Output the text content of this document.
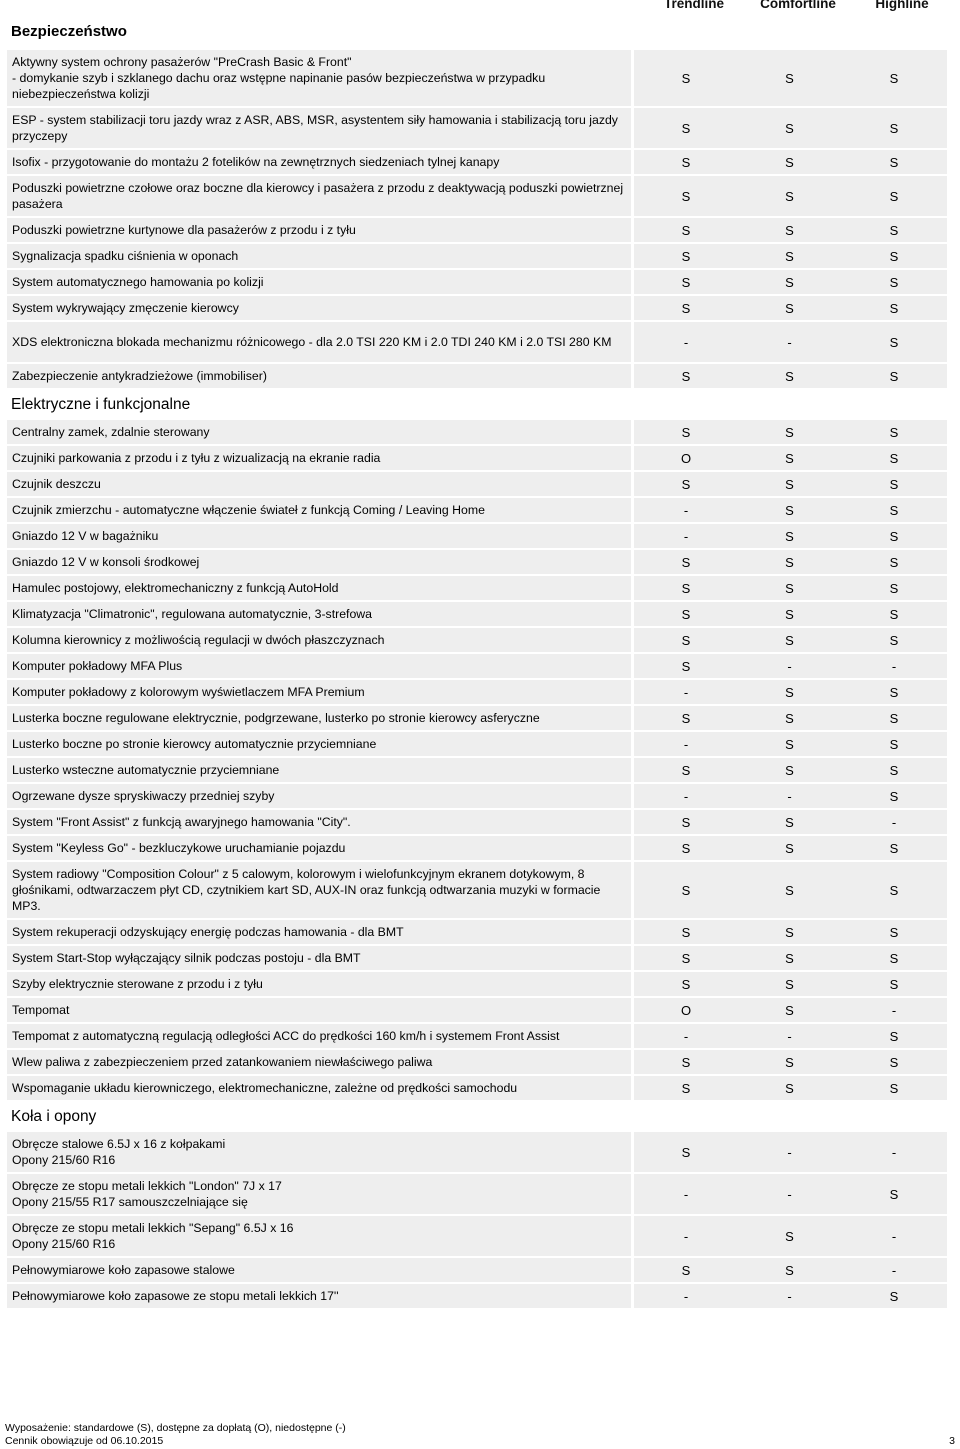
Trendline	Comfortline	Highline
Bezpieczeństwo
Aktywny system ochrony pasażerów "PreCrash Basic & Front"
- domykanie szyb i szklanego dachu oraz wstępne napinanie pasów bezpieczeństwa w przypadku niebezpieczeństwa kolizji
S	S	S
ESP - system stabilizacji toru jazdy wraz z ASR, ABS, MSR, asystentem siły hamowania i stabilizacją toru jazdy przyczepy
S	S	S
Isofix - przygotowanie do montażu 2 fotelików na zewnętrznych siedzeniach tylnej kanapy	S	S	S
Poduszki powietrzne czołowe oraz boczne dla kierowcy i pasażera z przodu z deaktywacją poduszki powietrznej pasażera
S	S	S
Poduszki powietrzne kurtynowe dla pasażerów z przodu i z tyłu	S	S	S
Sygnalizacja spadku ciśnienia w oponach	S	S	S
System automatycznego hamowania po kolizji	S	S	S
System wykrywający zmęczenie kierowcy	S	S	S
XDS elektroniczna blokada mechanizmu różnicowego - dla 2.0 TSI 220 KM i 2.0 TDI 240 KM i 2.0 TSI 280 KM	-	-	S
Zabezpieczenie antykradzieżowe (immobiliser)	S	S	S
Elektryczne i funkcjonalne
Centralny zamek, zdalnie sterowany	S	S	S
Czujniki parkowania z przodu i z tyłu z wizualizacją na ekranie radia	O	S	S
Czujnik deszczu	S	S	S
Czujnik zmierzchu - automatyczne włączenie świateł z funkcją Coming / Leaving Home	-	S	S
Gniazdo 12 V w bagażniku	-	S	S
Gniazdo 12 V w konsoli środkowej	S	S	S
Hamulec postojowy, elektromechaniczny z funkcją AutoHold	S	S	S
Klimatyzacja "Climatronic", regulowana automatycznie, 3-strefowa	S	S	S
Kolumna kierownicy z możliwością regulacji w dwóch płaszczyznach	S	S	S
Komputer pokładowy MFA Plus	S	-	-
Komputer pokładowy z kolorowym wyświetlaczem MFA Premium	-	S	S
Lusterka boczne regulowane elektrycznie, podgrzewane, lusterko po stronie kierowcy asferyczne	S	S	S
Lusterko boczne po stronie kierowcy automatycznie przyciemniane	-	S	S
Lusterko wsteczne automatycznie przyciemniane	S	S	S
Ogrzewane dysze spryskiwaczy przedniej szyby	-	-	S
System "Front Assist" z funkcją awaryjnego hamowania "City".	S	S	-
System "Keyless Go" - bezkluczykowe uruchamianie pojazdu	S	S	S
System radiowy "Composition Colour" z 5 calowym, kolorowym i wielofunkcyjnym ekranem dotykowym, 8 głośnikami, odtwarzaczem płyt CD, czytnikiem kart SD, AUX-IN oraz funkcją odtwarzania muzyki w formacie MP3.
S	S	S
System rekuperacji odzyskujący energię podczas hamowania - dla BMT	S	S	S
System Start-Stop wyłączający silnik podczas postoju - dla BMT	S	S	S
Szyby elektrycznie sterowane z przodu i z tyłu	S	S	S
Tempomat	O	S	-
Tempomat z automatyczną regulacją odległości ACC do prędkości 160 km/h i systemem Front Assist	-	-	S
Wlew paliwa z zabezpieczeniem przed zatankowaniem niewłaściwego paliwa	S	S	S
Wspomaganie układu kierowniczego, elektromechaniczne, zależne od prędkości samochodu	S	S	S
Koła i opony
Obręcze stalowe 6.5J x 16 z kołpakami
Opony 215/60 R16
S	-	-
Obręcze ze stopu metali lekkich "London" 7J x 17
Opony 215/55 R17 samouszczelniające się
-	-	S
Obręcze ze stopu metali lekkich "Sepang" 6.5J x 16
Opony 215/60 R16
-	S	-
Pełnowymiarowe koło zapasowe stalowe	S	S	-
Pełnowymiarowe koło zapasowe ze stopu metali lekkich 17''	-	-	S
Wyposażenie: standardowe (S), dostępne za dopłatą (O), niedostępne (-)
Cennik obowiązuje od 06.10.2015	3
